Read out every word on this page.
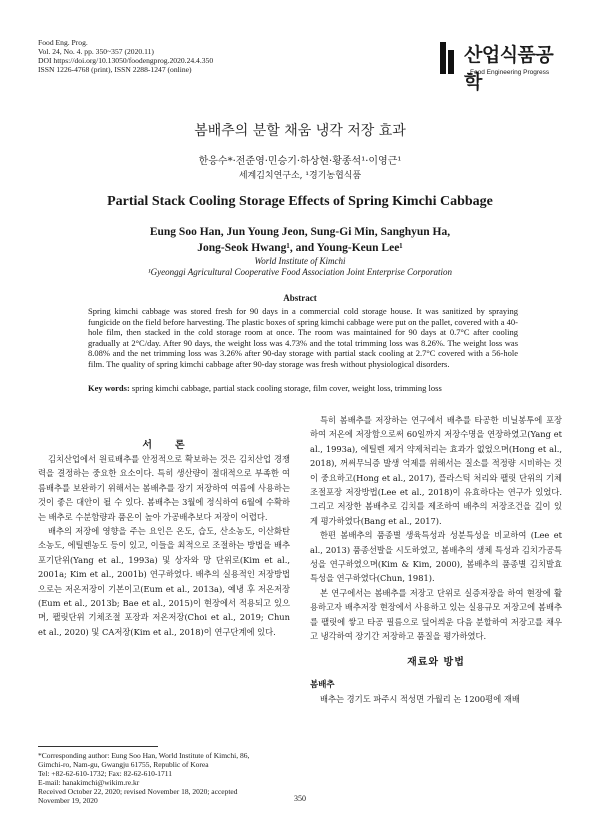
Food Eng. Prog.
Vol. 24, No. 4. pp. 350~357 (2020.11)
DOI https://doi.org/10.13050/foodengprog.2020.24.4.350
ISSN 1226-4768 (print), ISSN 2288-1247 (online)
산업식품공학
Food Engineering Progress
봄배추의 분할 채움 냉각 저장 효과
한응수*·전준영·민승기·하상현·황종석¹·이영근¹
세계김치연구소, ¹경기농협식품
Partial Stack Cooling Storage Effects of Spring Kimchi Cabbage
Eung Soo Han, Jun Young Jeon, Sung-Gi Min, Sanghyun Ha,
Jong-Seok Hwang¹, and Young-Keun Lee¹
World Institute of Kimchi
¹Gyeonggi Agricultural Cooperative Food Association Joint Enterprise Corporation
Abstract
Spring kimchi cabbage was stored fresh for 90 days in a commercial cold storage house. It was sanitized by spraying fungicide on the field before harvesting. The plastic boxes of spring kimchi cabbage were put on the pallet, covered with a 40-hole film, then stacked in the cold storage room at once. The room was maintained for 90 days at 0.7°C after cooling gradually at 2°C/day. After 90 days, the weight loss was 4.73% and the total trimming loss was 8.26%. The weight loss was 8.08% and the net trimming loss was 3.26% after 90-day storage with partial stack cooling at 2.7°C covered with a 56-hole film. The quality of spring kimchi cabbage after 90-day storage was fresh without physiological disorders.
Key words: spring kimchi cabbage, partial stack cooling storage, film cover, weight loss, trimming loss
서　　론

김치산업에서 원료배추를 안정적으로 확보하는 것은 김치산업 경쟁력을 결정하는 중요한 요소이다. 특히 생산량이 절대적으로 부족한 여름배추를 보완하기 위해서는 봄배추를 장기 저장하여 여름에 사용하는 것이 좋은 대안이 될 수 있다. 봄배추는 3월에 정식하여 6월에 수확하는 배추로 수분함량과 품온이 높아 가공배추보다 저장이 어렵다.

배추의 저장에 영향을 주는 요인은 온도, 습도, 산소농도, 이산화탄소농도, 에틸렌농도 등이 있고, 이들을 최적으로 조절하는 방법을 배추 포기단위(Yang et al., 1993a) 및 상자와 망 단위로(Kim et al., 2001a; Kim et al., 2001b) 연구하였다. 배추의 실용적인 저장방법으로는 저온저장이 기본이고(Eum et al., 2013a), 예냉 후 저온저장(Eum et al., 2013b; Bae et al., 2015)이 현장에서 적용되고 있으며, 팰릿단위 기체조절 포장과 저온저장(Choi et al., 2019; Chun et al., 2020) 및 CA저장(Kim et al., 2018)이 연구단계에 있다.

특히 봄배추를 저장하는 연구에서 배추를 타공한 비닐봉투에 포장하여 저온에 저장함으로써 60일까지 저장수명을 연장하였고(Yang et al., 1993a), 에틸렌 제거 약제처리는 효과가 없었으며(Hong et al., 2018), 꺼써무늬증 발생 억제를 위해서는 질소를 적정량 시비하는 것이 중요하고(Hong et al., 2017), 플라스틱 처리와 팰릿 단위의 기체조절포장 저장방법(Lee et al., 2018)이 유효하다는 연구가 있었다. 그리고 저장한 봄배추로 김치를 제조하여 배추의 저장조건을 깊이 있게 평가하였다(Bang et al., 2017).

한편 봄배추의 품종별 생육특성과 성분특성을 비교하여 (Lee et al., 2013) 품종선발을 시도하였고, 봄배추의 생체 특성과 김치가공특성을 연구하였으며(Kim & Kim, 2000), 봄배추의 품종별 김치발효특성을 연구하였다(Chun, 1981).

본 연구에서는 봄배추를 저장고 단위로 실증저장을 하여 현장에 활용하고자 배추저장 현장에서 사용하고 있는 실용규모 저장고에 봄배추를 팰릿에 쌓고 타공 필름으로 덮어씌운 다음 분할하여 저장고를 채우고 냉각하여 장기간 저장하고 품질을 평가하였다.

재료와 방법
봄배추

배추는 경기도 파주시 적성면 가월리 논 1200평에 재배

*Corresponding author: Eung Soo Han, World Institute of Kimchi, 86,
Gimchi-ro, Nam-gu, Gwangju 61755, Republic of Korea
Tel: +82-62-610-1732; Fax: 82-62-610-1711
E-mail: hanakimchi@wikim.re.kr
Received October 22, 2020; revised November 18, 2020; accepted
November 19, 2020	350
